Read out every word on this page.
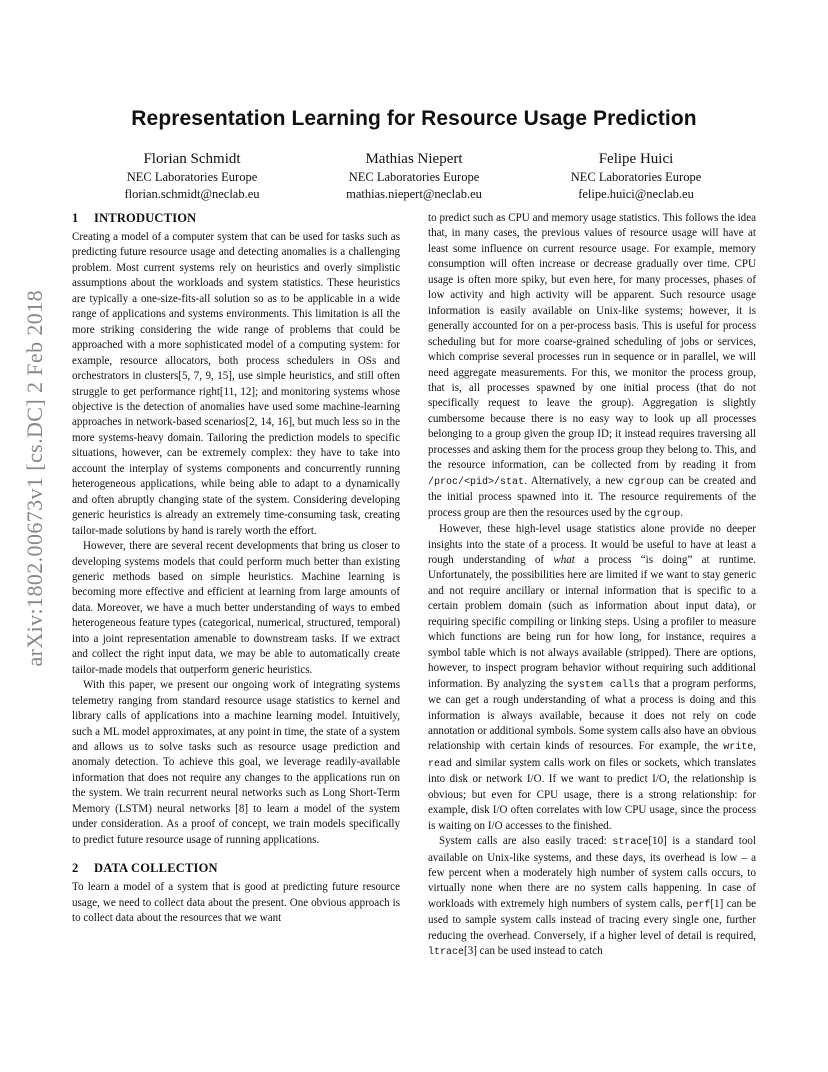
arXiv:1802.00673v1 [cs.DC] 2 Feb 2018
Representation Learning for Resource Usage Prediction
Florian Schmidt
NEC Laboratories Europe
florian.schmidt@neclab.eu
Mathias Niepert
NEC Laboratories Europe
mathias.niepert@neclab.eu
Felipe Huici
NEC Laboratories Europe
felipe.huici@neclab.eu
1 INTRODUCTION

Creating a model of a computer system that can be used for tasks such as predicting future resource usage and detecting anomalies is a challenging problem. Most current systems rely on heuristics and overly simplistic assumptions about the workloads and system statistics. These heuristics are typically a one-size-fits-all solution so as to be applicable in a wide range of applications and systems environments. This limitation is all the more striking considering the wide range of problems that could be approached with a more sophisticated model of a computing system: for example, resource allocators, both process schedulers in OSs and orchestrators in clusters[5, 7, 9, 15], use simple heuristics, and still often struggle to get performance right[11, 12]; and monitoring systems whose objective is the detection of anomalies have used some machine-learning approaches in network-based scenarios[2, 14, 16], but much less so in the more systems-heavy domain. Tailoring the prediction models to specific situations, however, can be extremely complex: they have to take into account the interplay of systems components and concurrently running heterogeneous applications, while being able to adapt to a dynamically and often abruptly changing state of the system. Considering developing generic heuristics is already an extremely time-consuming task, creating tailor-made solutions by hand is rarely worth the effort.

However, there are several recent developments that bring us closer to developing systems models that could perform much better than existing generic methods based on simple heuristics. Machine learning is becoming more effective and efficient at learning from large amounts of data. Moreover, we have a much better understanding of ways to embed heterogeneous feature types (categorical, numerical, structured, temporal) into a joint representation amenable to downstream tasks. If we extract and collect the right input data, we may be able to automatically create tailor-made models that outperform generic heuristics.

With this paper, we present our ongoing work of integrating systems telemetry ranging from standard resource usage statistics to kernel and library calls of applications into a machine learning model. Intuitively, such a ML model approximates, at any point in time, the state of a system and allows us to solve tasks such as resource usage prediction and anomaly detection. To achieve this goal, we leverage readily-available information that does not require any changes to the applications run on the system. We train recurrent neural networks such as Long Short-Term Memory (LSTM) neural networks [8] to learn a model of the system under consideration. As a proof of concept, we train models specifically to predict future resource usage of running applications.

2 DATA COLLECTION

To learn a model of a system that is good at predicting future resource usage, we need to collect data about the present. One obvious approach is to collect data about the resources that we want

to predict such as CPU and memory usage statistics. This follows the idea that, in many cases, the previous values of resource usage will have at least some influence on current resource usage. For example, memory consumption will often increase or decrease gradually over time. CPU usage is often more spiky, but even here, for many processes, phases of low activity and high activity will be apparent. Such resource usage information is easily available on Unix-like systems; however, it is generally accounted for on a per-process basis. This is useful for process scheduling but for more coarse-grained scheduling of jobs or services, which comprise several processes run in sequence or in parallel, we will need aggregate measurements. For this, we monitor the process group, that is, all processes spawned by one initial process (that do not specifically request to leave the group). Aggregation is slightly cumbersome because there is no easy way to look up all processes belonging to a group given the group ID; it instead requires traversing all processes and asking them for the process group they belong to. This, and the resource information, can be collected from by reading it from /proc/<pid>/stat. Alternatively, a new cgroup can be created and the initial process spawned into it. The resource requirements of the process group are then the resources used by the cgroup.

However, these high-level usage statistics alone provide no deeper insights into the state of a process. It would be useful to have at least a rough understanding of what a process “is doing” at runtime. Unfortunately, the possibilities here are limited if we want to stay generic and not require ancillary or internal information that is specific to a certain problem domain (such as information about input data), or requiring specific compiling or linking steps. Using a profiler to measure which functions are being run for how long, for instance, requires a symbol table which is not always available (stripped). There are options, however, to inspect program behavior without requiring such additional information. By analyzing the system calls that a program performs, we can get a rough understanding of what a process is doing and this information is always available, because it does not rely on code annotation or additional symbols. Some system calls also have an obvious relationship with certain kinds of resources. For example, the write, read and similar system calls work on files or sockets, which translates into disk or network I/O. If we want to predict I/O, the relationship is obvious; but even for CPU usage, there is a strong relationship: for example, disk I/O often correlates with low CPU usage, since the process is waiting on I/O accesses to the finished.

System calls are also easily traced: strace[10] is a standard tool available on Unix-like systems, and these days, its overhead is low – a few percent when a moderately high number of system calls occurs, to virtually none when there are no system calls happening. In case of workloads with extremely high numbers of system calls, perf[1] can be used to sample system calls instead of tracing every single one, further reducing the overhead. Conversely, if a higher level of detail is required, ltrace[3] can be used instead to catch
